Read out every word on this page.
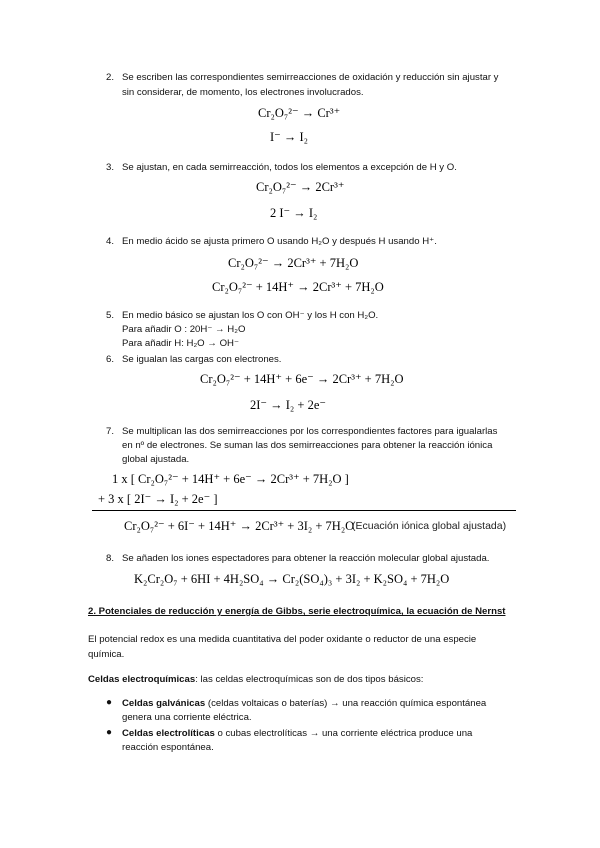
2. Se escriben las correspondientes semirreacciones de oxidación y reducción sin ajustar y
sin considerar, de momento, los electrones involucrados.
Cr₂O₇²⁻ → Cr³⁺
I⁻ → I₂
3. Se ajustan, en cada semirreacción, todos los elementos a excepción de H y O.
Cr₂O₇²⁻ → 2Cr³⁺
2 I⁻ → I₂
4. En medio ácido se ajusta primero O usando H₂O y después H usando H⁺.
Cr₂O₇²⁻ → 2Cr³⁺ + 7H₂O
Cr₂O₇²⁻ + 14H⁺ → 2Cr³⁺ + 7H₂O
5. En medio básico se ajustan los O con OH⁻ y los H con H₂O.
Para añadir O : 20H⁻ → H₂O
Para añadir H: H₂O → OH⁻
6. Se igualan las cargas con electrones.
Cr₂O₇²⁻ + 14H⁺ + 6e⁻ → 2Cr³⁺ + 7H₂O
2I⁻ → I₂ + 2e⁻
7. Se multiplican las dos semirreacciones por los correspondientes factores para igualarlas
en nº de electrones. Se suman las dos semirreacciones para obtener la reacción iónica
global ajustada.
1 x [ Cr₂O₇²⁻ + 14H⁺ + 6e⁻ → 2Cr³⁺ + 7H₂O ]
+ 3 x [ 2I⁻ → I₂ + 2e⁻ ]
Cr₂O₇²⁻ + 6I⁻ + 14H⁺ → 2Cr³⁺ + 3I₂ + 7H₂O
(Ecuación iónica global ajustada)
8. Se añaden los iones espectadores para obtener la reacción molecular global ajustada.
K₂Cr₂O₇ + 6HI + 4H₂SO₄ → Cr₂(SO₄)₃ + 3I₂ + K₂SO₄ + 7H₂O
2. Potenciales de reducción y energía de Gibbs, serie electroquímica, la ecuación de Nernst
El potencial redox es una medida cuantitativa del poder oxidante o reductor de una especie
química.
Celdas electroquímicas: las celdas electroquímicas son de dos tipos básicos:
● Celdas galvánicas (celdas voltaicas o baterías) → una reacción química espontánea
genera una corriente eléctrica.
● Celdas electrolíticas o cubas electrolíticas → una corriente eléctrica produce una
reacción espontánea.
